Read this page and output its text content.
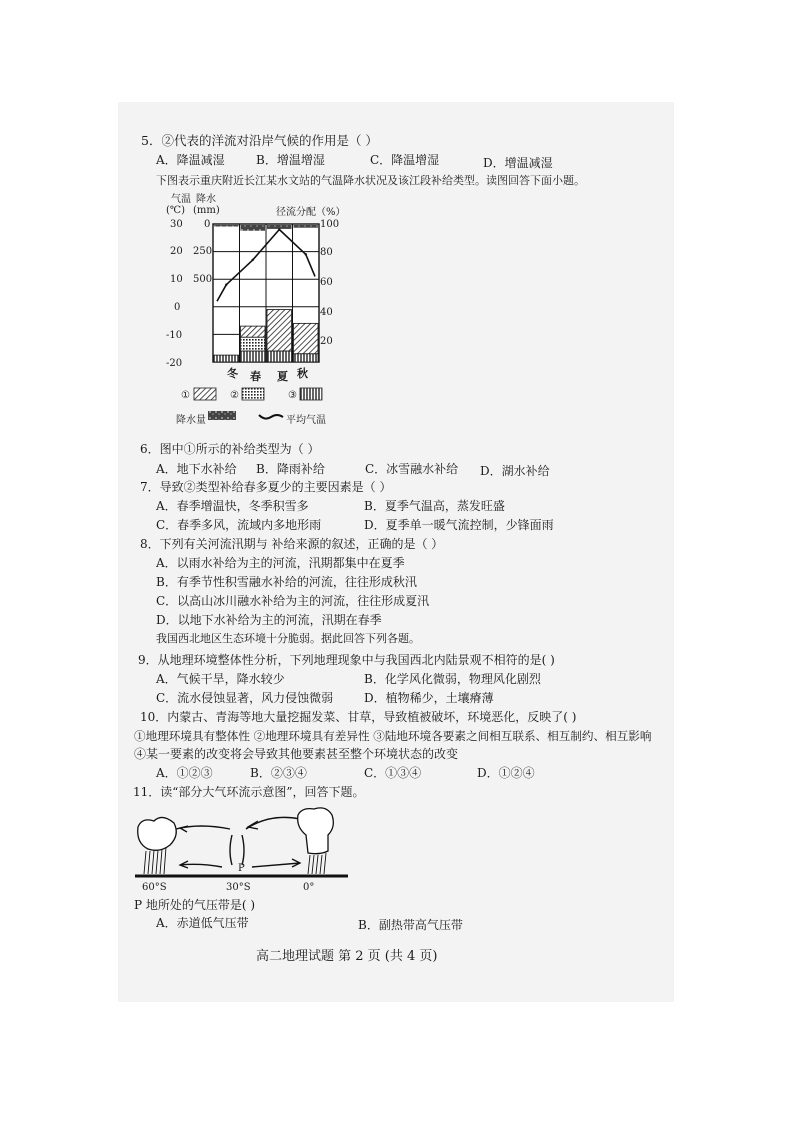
5．②代表的洋流对沿岸气候的作用是（ ）
A．降温减湿	B．增温增湿	C．降温增湿	D．增温减湿
下图表示重庆附近长江某水文站的气温降水状况及该江段补给类型。读图回答下面小题。
气温
(℃)
降水
(mm)	径流分配（%）
30
20
10
0
-10
-20
0
250
500
100
80
60
40
20
冬 春 夏 秋
①	②	③
降水量	平均气温
6．图中①所示的补给类型为（ ）
A．地下水补给 B．降雨补给	C．冰雪融水补给 D．湖水补给
7．导致②类型补给春多夏少的主要因素是（ ）
A．春季增温快，冬季积雪多	B．夏季气温高，蒸发旺盛
C．春季多风，流域内多地形雨	D．夏季单一暖气流控制，少锋面雨
8．下列有关河流汛期与 补给来源的叙述，正确的是（ ）
A．以雨水补给为主的河流，汛期都集中在夏季
B．有季节性积雪融水补给的河流，往往形成秋汛
C．以高山冰川融水补给为主的河流，往往形成夏汛
D．以地下水补给为主的河流，汛期在春季
我国西北地区生态环境十分脆弱。据此回答下列各题。
9．从地理环境整体性分析，下列地理现象中与我国西北内陆景观不相符的是( )
A．气候干旱，降水较少	B．化学风化微弱，物理风化剧烈
C．流水侵蚀显著，风力侵蚀微弱	D．植物稀少，土壤瘠薄
10．内蒙古、青海等地大量挖掘发菜、甘草，导致植被破坏，环境恶化，反映了( )
①地理环境具有整体性 ②地理环境具有差异性 ③陆地环境各要素之间相互联系、相互制约、相互影响
④某一要素的改变将会导致其他要素甚至整个环境状态的改变
A．①②③	B．②③④	C．①③④	D．①②④
11．读“部分大气环流示意图”，回答下题。
P
60°S	30°S	0°
P 地所处的气压带是( )
A．赤道低气压带	B．副热带高气压带
高二地理试题 第 2 页 (共 4 页)
